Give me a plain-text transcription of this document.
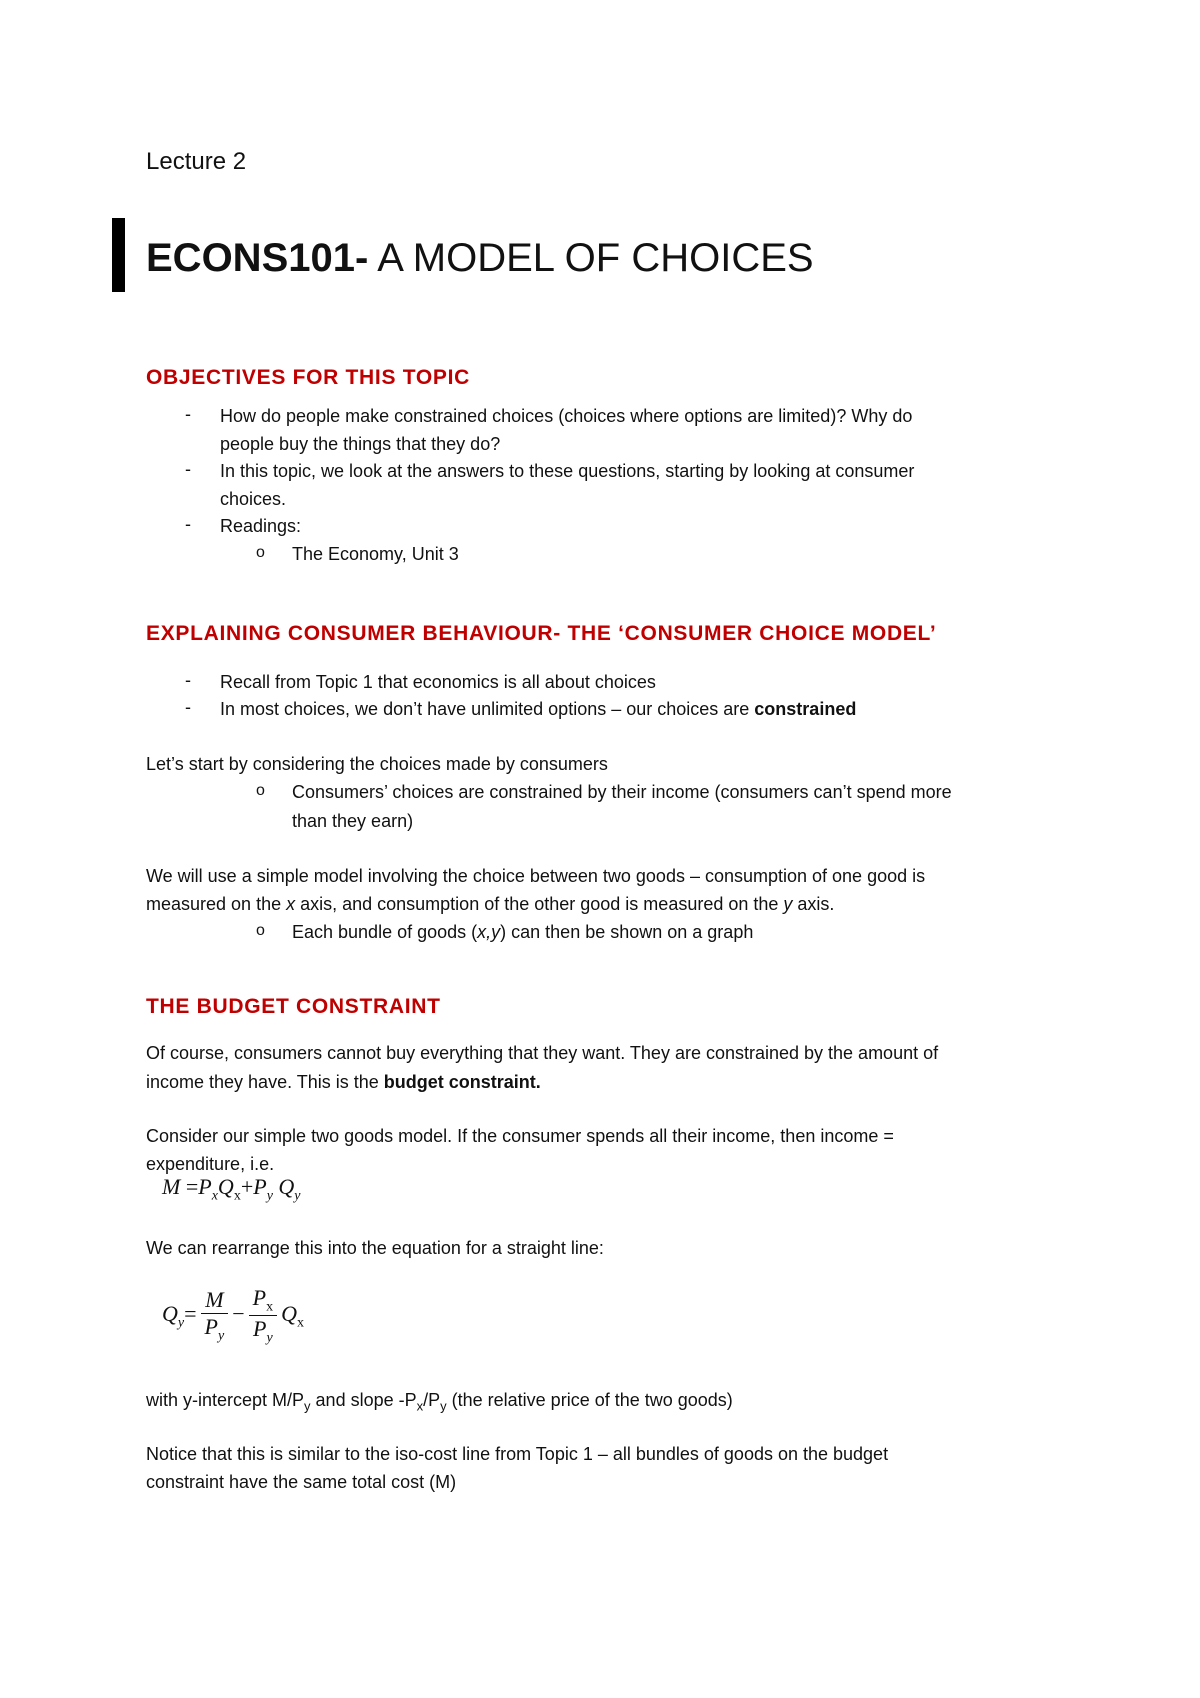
Lecture 2
ECONS101- A MODEL OF CHOICES
OBJECTIVES FOR THIS TOPIC
- How do people make constrained choices (choices where options are limited)? Why do
people buy the things that they do?
- In this topic, we look at the answers to these questions, starting by looking at consumer
choices.
- Readings:
o The Economy, Unit 3
EXPLAINING CONSUMER BEHAVIOUR- THE ‘CONSUMER CHOICE MODEL’
- Recall from Topic 1 that economics is all about choices
- In most choices, we don’t have unlimited options – our choices are constrained
Let’s start by considering the choices made by consumers
o Consumers’ choices are constrained by their income (consumers can’t spend more
than they earn)
We will use a simple model involving the choice between two goods – consumption of one good is
measured on the x axis, and consumption of the other good is measured on the y axis.
o Each bundle of goods (x,y) can then be shown on a graph
THE BUDGET CONSTRAINT
Of course, consumers cannot buy everything that they want. They are constrained by the amount of
income they have. This is the budget constraint.
Consider our simple two goods model. If the consumer spends all their income, then income =
expenditure, i.e.
$M =P_xQ_x+P_y$ $Q_y$
We can rearrange this into the equation for a straight line:
$Q_y= \frac{M}{P_y} - \frac{P_x}{P_y} Q_x$
with y-intercept $M/P_y$ and slope $-P_x/P_y$ (the relative price of the two goods)
Notice that this is similar to the iso-cost line from Topic 1 – all bundles of goods on the budget
constraint have the same total cost (M)
